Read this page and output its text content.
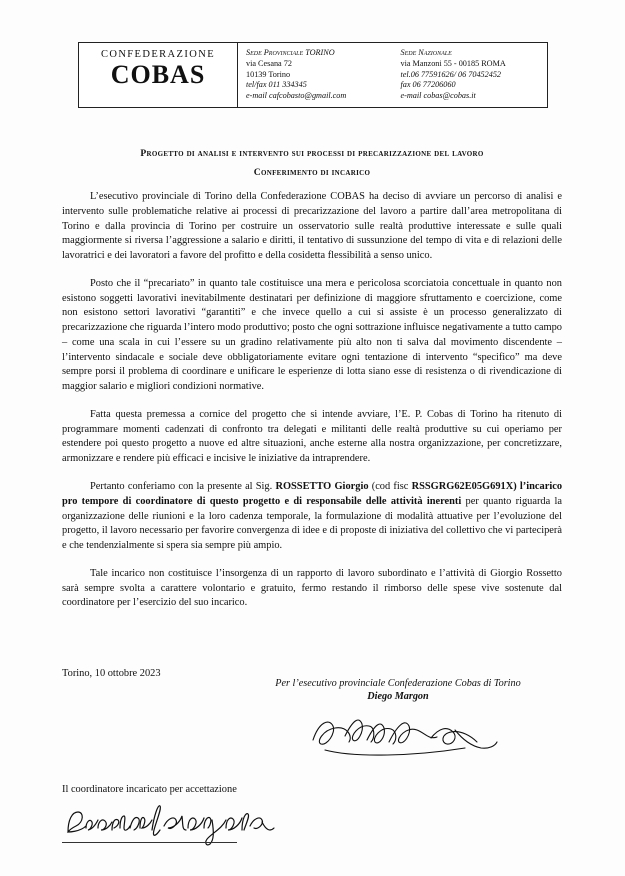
CONFEDERAZIONE
COBAS
Sede Provinciale TORINO
via Cesana 72
10139 Torino
tel/fax 011 334345
e-mail cafcobasto@gmail.com
Sede Nazionale
via Manzoni 55 - 00185 ROMA
tel.06 77591626/ 06 70452452
fax 06 77206060
e-mail cobas@cobas.it
Progetto di analisi e intervento sui processi di precarizzazione del lavoro
Conferimento di incarico

L’esecutivo provinciale di Torino della Confederazione COBAS ha deciso di avviare un percorso di analisi e intervento sulle problematiche relative ai processi di precarizzazione del lavoro a partire dall’area metropolitana di Torino e dalla provincia di Torino per costruire un osservatorio sulle realtà produttive interessate e sulle quali maggiormente si riversa l’aggressione a salario e diritti, il tentativo di sussunzione del tempo di vita e di relazioni delle lavoratrici e dei lavoratori a favore del profitto e della cosidetta flessibilità a senso unico.

Posto che il “precariato” in quanto tale costituisce una mera e pericolosa scorciatoia concettuale in quanto non esistono soggetti lavorativi inevitabilmente destinatari per definizione di maggiore sfruttamento e coercizione, come non esistono settori lavorativi “garantiti” e che invece quello a cui si assiste è un processo generalizzato di precarizzazione che riguarda l’intero modo produttivo; posto che ogni sottrazione influisce negativamente a tutto campo – come una scala in cui l’essere su un gradino relativamente più alto non ti salva dal movimento discendente – l’intervento sindacale e sociale deve obbligatoriamente evitare ogni tentazione di intervento “specifico” ma deve sempre porsi il problema di coordinare e unificare le esperienze di lotta siano esse di resistenza o di rivendicazione di maggior salario e migliori condizioni normative.

Fatta questa premessa a cornice del progetto che si intende avviare, l’E. P. Cobas di Torino ha ritenuto di programmare momenti cadenzati di confronto tra delegati e militanti delle realtà produttive su cui operiamo per estendere poi questo progetto a nuove ed altre situazioni, anche esterne alla nostra organizzazione, per concretizzare, armonizzare e rendere più efficaci e incisive le iniziative da intraprendere.

Pertanto conferiamo con la presente al Sig. ROSSETTO Giorgio (cod fisc RSSGRG62E05G691X) l’incarico pro tempore di coordinatore di questo progetto e di responsabile delle attività inerenti per quanto riguarda la organizzazione delle riunioni e la loro cadenza temporale, la formulazione di modalità attuative per l’evoluzione del progetto, il lavoro necessario per favorire convergenza di idee e di proposte di iniziativa del collettivo che vi parteciperà e che tendenzialmente si spera sia sempre più ampio.

Tale incarico non costituisce l’insorgenza di un rapporto di lavoro subordinato e l’attività di Giorgio Rossetto sarà sempre svolta a carattere volontario e gratuito, fermo restando il rimborso delle spese vive sostenute dal coordinatore per l’esercizio del suo incarico.

Torino, 10 ottobre 2023
Per l’esecutivo provinciale Confederazione Cobas di Torino
Diego Margon
Il coordinatore incaricato per accettazione
